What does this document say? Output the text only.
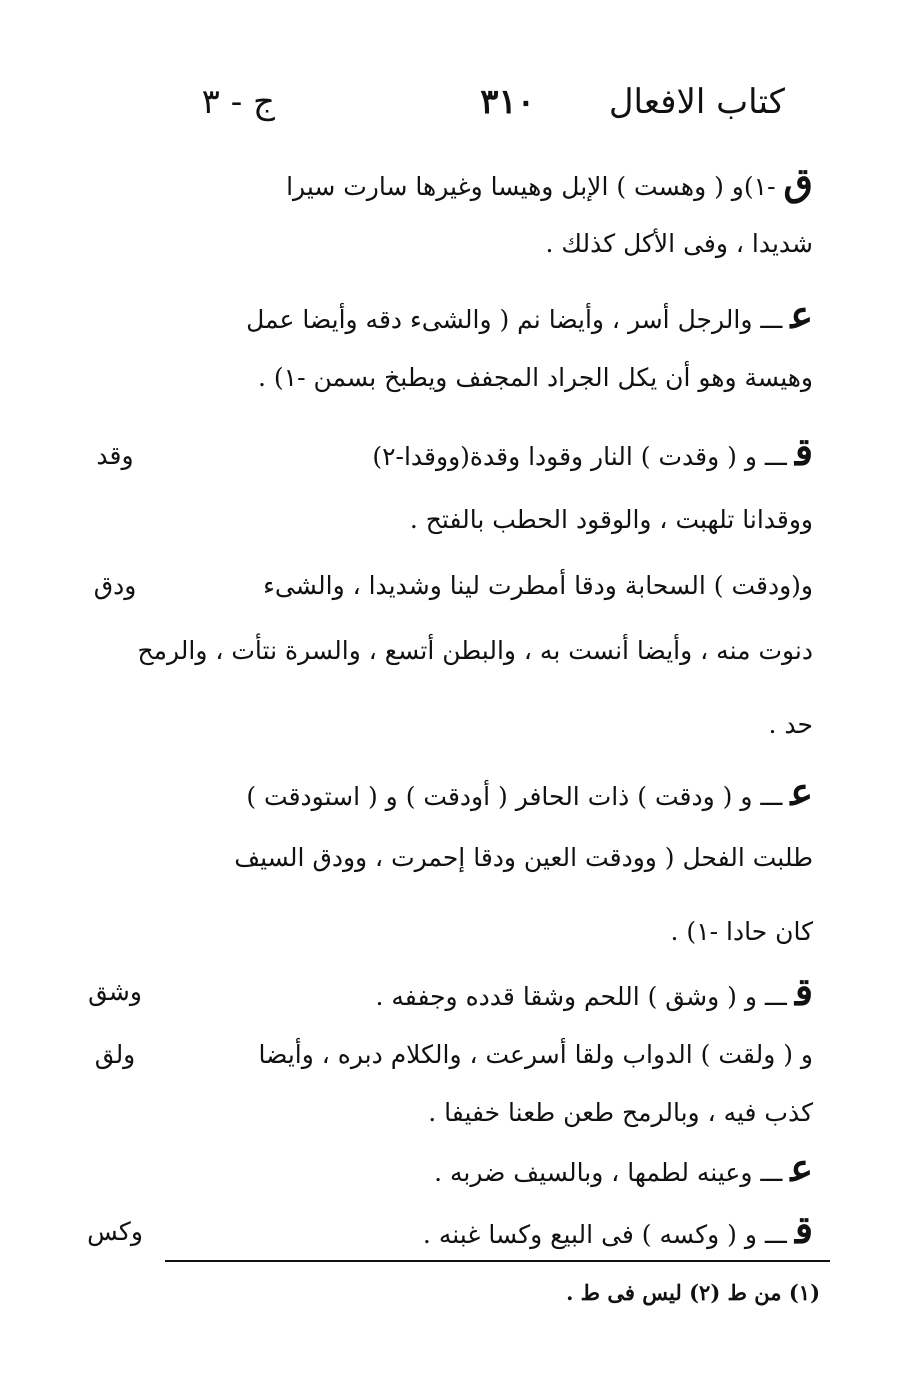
كتاب الافعال
٣١٠
ج - ٣
ق-١)و ( وهست ) الإبل وهيسا وغيرها سارت سيرا
شديدا ، وفى الأكل كذلك .
عـــ والرجل أسر ، وأيضا نم ( والشىء دقه وأيضا عمل
وهيسة وهو أن يكل الجراد المجفف ويطبخ بسمن -١) .
قـــ و ( وقدت ) النار وقودا وقدة(ووقدا-٢)
ووقدانا تلهبت ، والوقود الحطب بالفتح .
و(ودقت ) السحابة ودقا أمطرت لينا وشديدا ، والشىء
دنوت منه ، وأيضا أنست به ، والبطن أتسع ، والسرة نتأت ، والرمح
حد .
عـــ و ( ودقت ) ذات الحافر ( أودقت ) و ( استودقت )
طلبت الفحل ( وودقت العين ودقا إحمرت ، وودق السيف
كان حادا -١) .
قـــ و ( وشق ) اللحم وشقا قدده وجففه .
و ( ولقت ) الدواب ولقا أسرعت ، والكلام دبره ، وأيضا
كذب فيه ، وبالرمح طعن طعنا خفيفا .
عـــ وعينه لطمها ، وبالسيف ضربه .
قـــ و ( وكسه ) فى البيع وكسا غبنه .
وقد
ودق
وشق
ولق
وكس
(١) من ط (٢) ليس فى ط .
